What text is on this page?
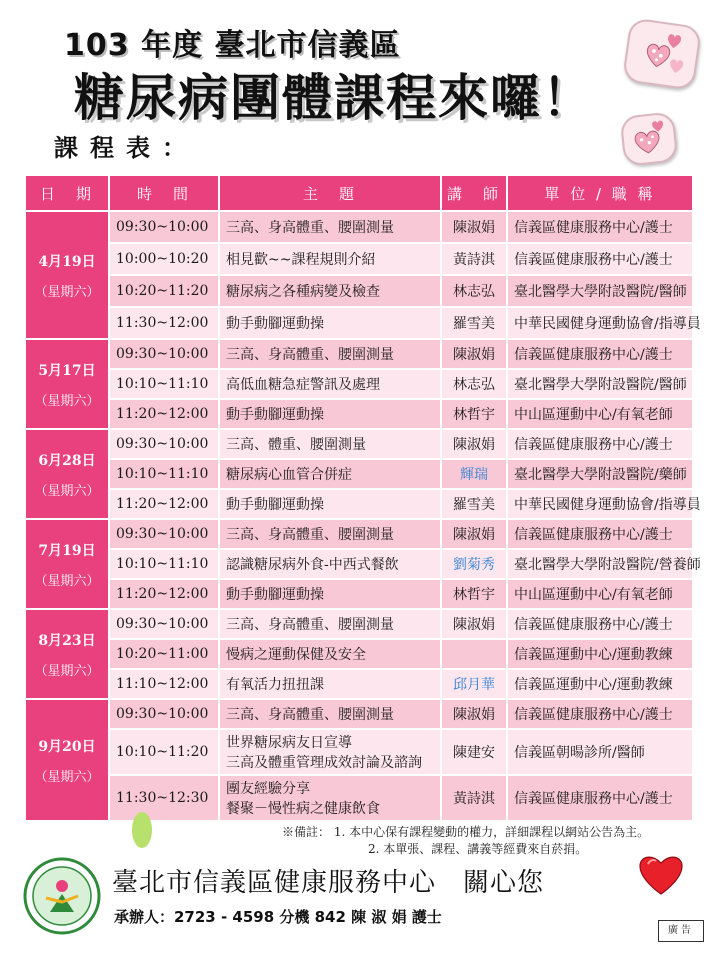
103 年度 臺北市信義區
糖尿病團體課程來囉！
課程表：
日　期	時　間	主　題	講　師	單 位 / 職 稱

4月19日
（星期六）	09:30~10:00	三高、身高體重、腰圍測量	陳淑娟	信義區健康服務中心/護士
	10:00~10:20	相見歡~~課程規則介紹	黃詩淇	信義區健康服務中心/護士
	10:20~11:20	糖尿病之各種病變及檢查	林志弘	臺北醫學大學附設醫院/醫師
	11:30~12:00	動手動腳運動操	羅雪美	中華民國健身運動協會/指導員

5月17日
（星期六）	09:30~10:00	三高、身高體重、腰圍測量	陳淑娟	信義區健康服務中心/護士
	10:10~11:10	高低血糖急症警訊及處理	林志弘	臺北醫學大學附設醫院/醫師
	11:20~12:00	動手動腳運動操	林哲宇	中山區運動中心/有氧老師

6月28日
（星期六）	09:30~10:00	三高、體重、腰圍測量	陳淑娟	信義區健康服務中心/護士
	10:10~11:10	糖尿病心血管合併症	輝瑞	臺北醫學大學附設醫院/藥師
	11:20~12:00	動手動腳運動操	羅雪美	中華民國健身運動協會/指導員

7月19日
（星期六）	09:30~10:00	三高、身高體重、腰圍測量	陳淑娟	信義區健康服務中心/護士
	10:10~11:10	認識糖尿病外食-中西式餐飲	劉菊秀	臺北醫學大學附設醫院/營養師
	11:20~12:00	動手動腳運動操	林哲宇	中山區運動中心/有氧老師

8月23日
（星期六）	09:30~10:00	三高、身高體重、腰圍測量	陳淑娟	信義區健康服務中心/護士
	10:20~11:00	慢病之運動保健及安全		信義區運動中心/運動教練
	11:10~12:00	有氧活力扭扭課	邱月華	信義區運動中心/運動教練

9月20日
（星期六）	09:30~10:00	三高、身高體重、腰圍測量	陳淑娟	信義區健康服務中心/護士
	10:10~11:20	世界糖尿病友日宣導
三高及體重管理成效討論及諮詢	陳建安	信義區朝暘診所/醫師
	11:30~12:30	團友經驗分享
餐聚－慢性病之健康飲食	黃詩淇	信義區健康服務中心/護士
※備註： 1. 本中心保有課程變動的權力，詳細課程以網站公告為主。
2. 本單張、課程、講義等經費來自菸捐。
臺北市信義區健康服務中心　關心您
承辦人：2723 - 4598 分機 842 陳 淑 娟 護士
廣告
